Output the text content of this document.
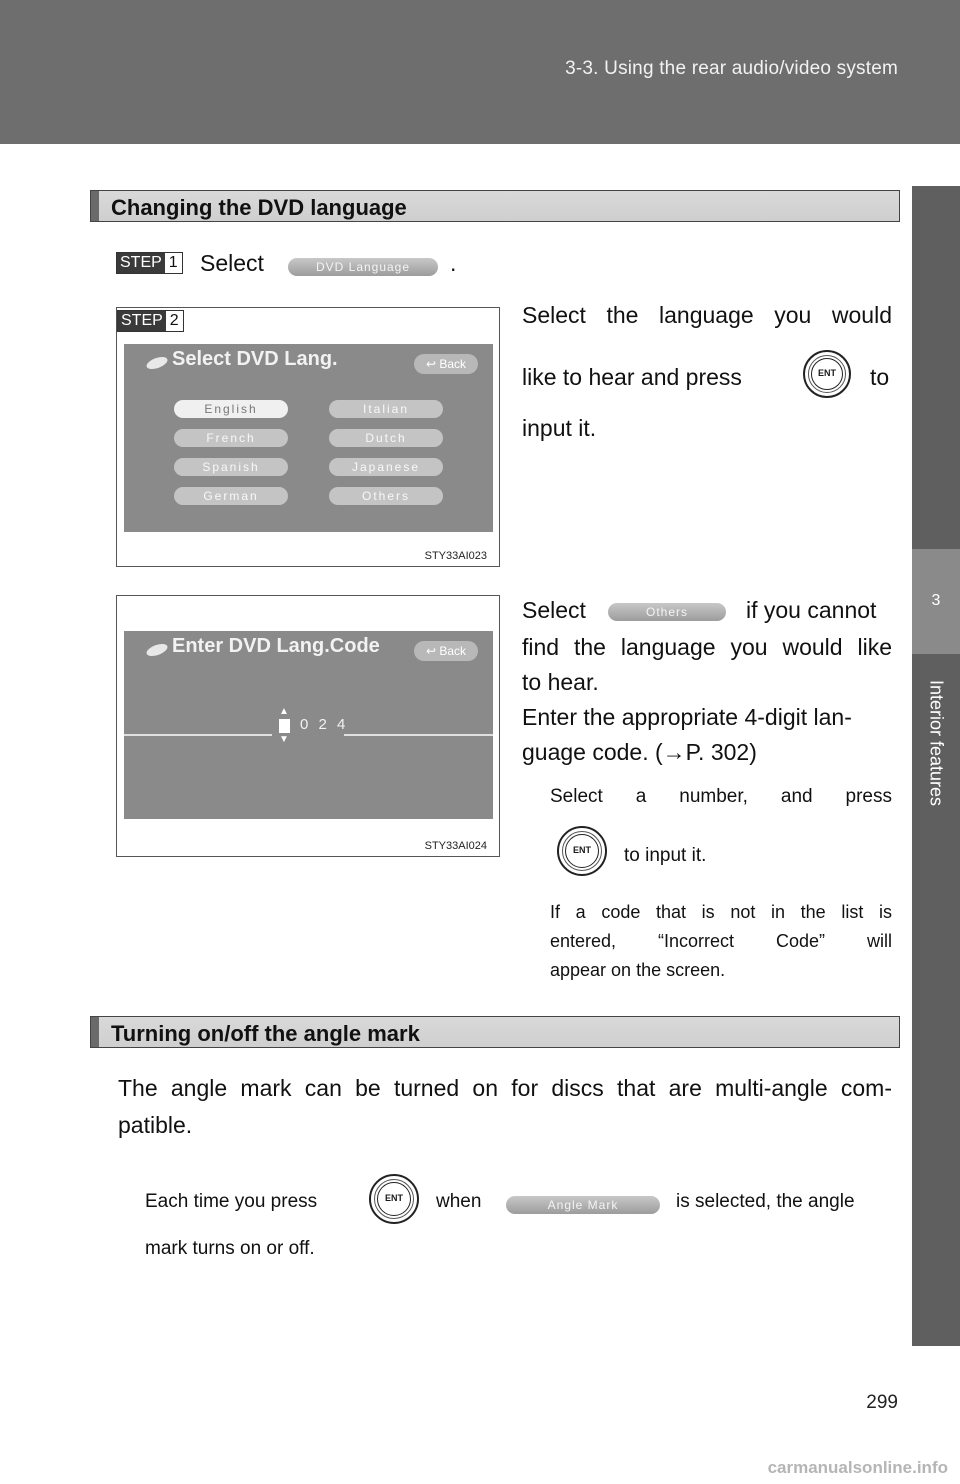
3-3. Using the rear audio/video system
3
Interior features
Changing the DVD language
STEP 1 Select	DVD Language	.
STEP 2
Select DVD Lang.	↩ Back
English	Italian
French	Dutch
Spanish	Japanese
German	Others
STY33AI023
Select the language you would
like to hear and press	ENT	to
input it.
Enter DVD Lang.Code	↩ Back
▲
▼
0 2 4
STY33AI024
Select	Others	if you cannot
find the language you would like
to hear.
Enter the appropriate 4-digit lan-
guage code. (→P. 302)
Select a number, and press
ENT	to input it.
If a code that is not in the list is
entered, “Incorrect Code” will
appear on the screen.
Turning on/off the angle mark
The angle mark can be turned on for discs that are multi-angle com-
patible.
Each time you press	ENT	when	Angle Mark	is selected, the angle
mark turns on or off.
299
carmanualsonline.info
